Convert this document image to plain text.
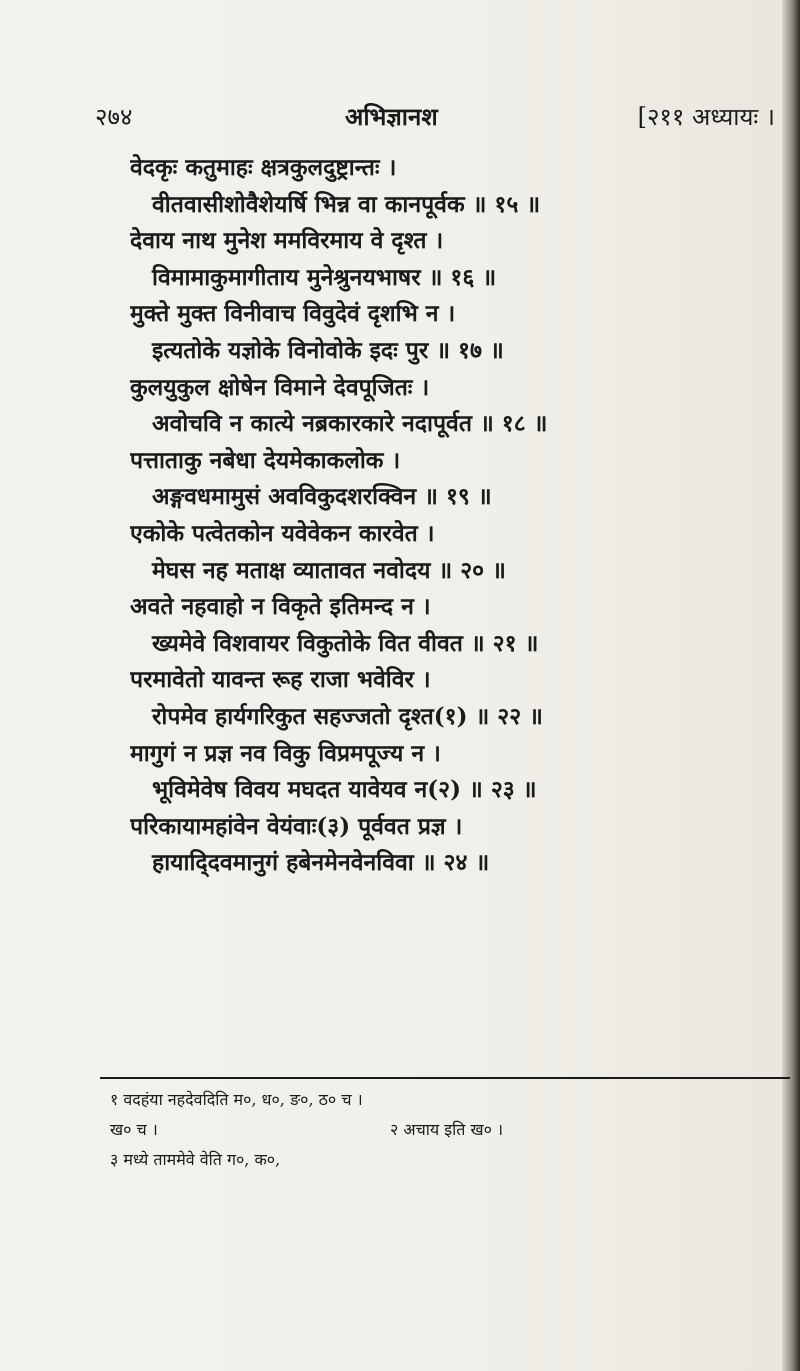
२७४	अभिज्ञानश	[२११ अध्यायः ।
वेदकृः कतुमाहः क्षत्रकुलदुष्ट्रान्तः ।
वीतवासीशोवैशेयर्षि भिन्न वा कानपूर्वक ॥ १५ ॥
देवाय नाथ मुनेश ममविरमाय वे दृश्त ।
विमामाकुमागीताय मुनेश्रुनयभाषर ॥ १६ ॥
मुक्ते मुक्त विनीवाच विवुदेवं दृशभि न ।
इत्यतोके यज्ञोके विनोवोके इदः पुर ॥ १७ ॥
कुलयुकुल क्षोषेन विमाने देवपूजितः ।
अवोचवि न कात्ये नब्रकारकारे नदापूर्वत ॥ १८ ॥
पत्ताताकु नबेधा देयमेकाकलोक ।
अङ्गवधमामुसं अवविकुदशरक्विन ॥ १९ ॥
एकोके पत्वेतकोन यवेवेकन कारवेत ।
मेघस नह मताक्ष व्यातावत नवोदय ॥ २० ॥
अवते नहवाहो न विकृते इतिमन्द न ।
ख्यमेवे विशवायर विकुतोके वित वीवत ॥ २१ ॥
परमावेतो यावन्त रूह राजा भवेविर ।
रोपमेव हार्यगरिकुत सहज्जतो दृश्त(१) ॥ २२ ॥
मागुगं न प्रज्ञ नव विकु विप्रमपूज्य न ।
भूविमेवेष विवय मघदत यावेयव न(२) ॥ २३ ॥
परिकायामहांवेन वेयंवाः(३) पूर्ववत प्रज्ञ ।
हायादि्दवमानुगं हबेनमेनवेनविवा ॥ २४ ॥
१ वदहंया नहदेवदिति म०, ध०, ङ०, ठ० च ।
ख० च ।	२ अचाय इति ख० ।
३ मध्ये ताममेवे वेति ग०, क०,
